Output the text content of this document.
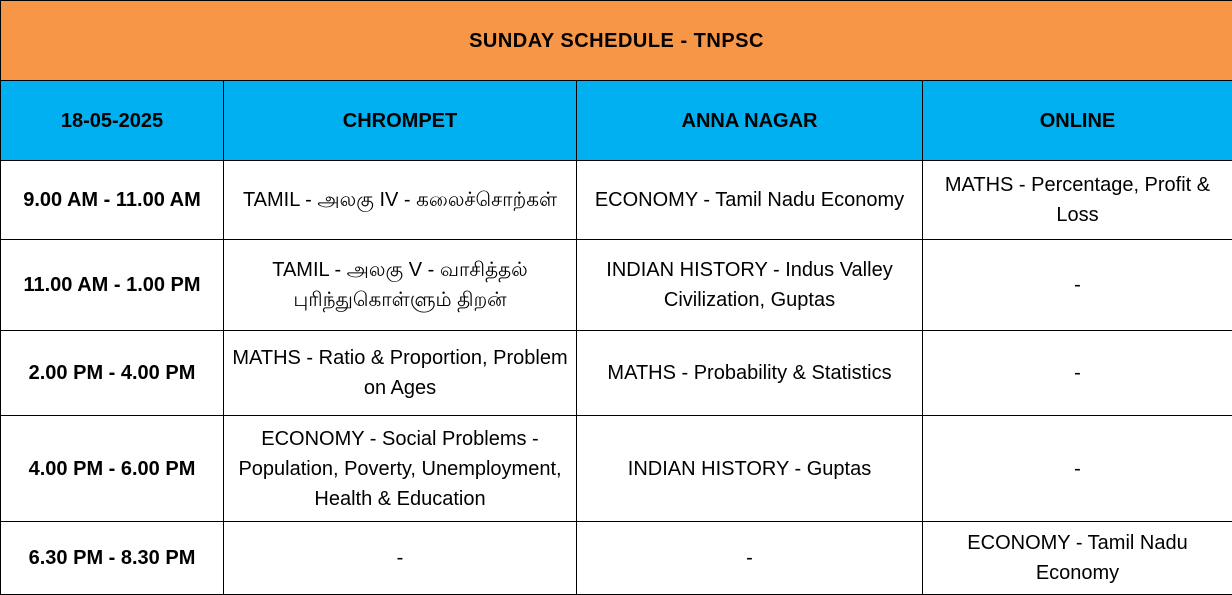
SUNDAY SCHEDULE - TNPSC			
18-05-2025	CHROMPET	ANNA NAGAR	ONLINE
9.00 AM - 11.00 AM	TAMIL - அலகு IV - கலைச்சொற்கள்	ECONOMY - Tamil Nadu Economy	MATHS - Percentage, Profit & Loss
11.00 AM - 1.00 PM	TAMIL - அலகு V - வாசித்தல் புரிந்துகொள்ளும் திறன்	INDIAN HISTORY - Indus Valley Civilization, Guptas	-
2.00 PM - 4.00 PM	MATHS - Ratio & Proportion, Problem on Ages	MATHS - Probability & Statistics	-
4.00 PM - 6.00 PM	ECONOMY - Social Problems - Population, Poverty, Unemployment, Health & Education	INDIAN HISTORY - Guptas	-
6.30 PM - 8.30 PM	-	-	ECONOMY - Tamil Nadu Economy
